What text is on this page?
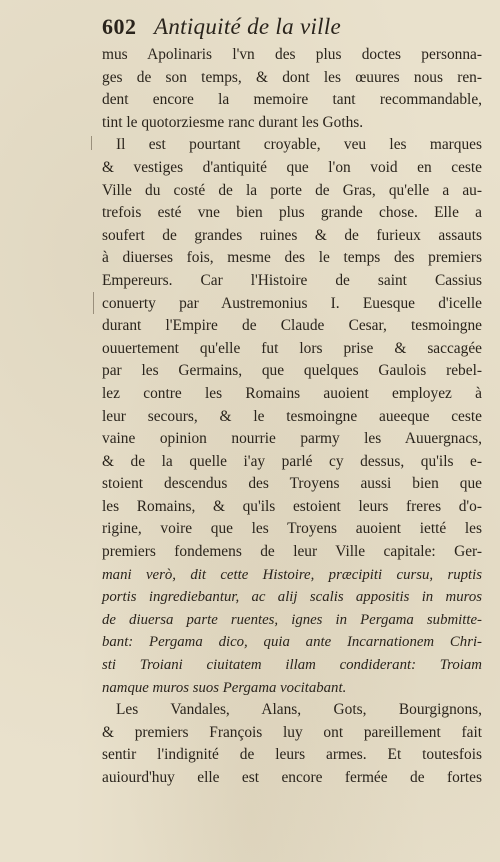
602 Antiquité de la ville
mus Apolinaris l'vn des plus doctes personna-
ges de son temps, & dont les œuures nous ren-
dent encore la memoire tant recommandable,
tint le quotorziesme ranc durant les Goths.
Il est pourtant croyable, veu les marques
& vestiges d'antiquité que l'on void en ceste
Ville du costé de la porte de Gras, qu'elle a au-
trefois esté vne bien plus grande chose. Elle a
soufert de grandes ruines & de furieux assauts
à diuerses fois, mesme des le temps des premiers
Empereurs. Car l'Histoire de saint Cassius
conuerty par Austremonius I. Euesque d'icelle
durant l'Empire de Claude Cesar, tesmoingne
ouuertement qu'elle fut lors prise & saccagée
par les Germains, que quelques Gaulois rebel-
lez contre les Romains auoient employez à
leur secours, & le tesmoingne aueeque ceste
vaine opinion nourrie parmy les Auuergnacs,
& de la quelle i'ay parlé cy dessus, qu'ils e-
stoient descendus des Troyens aussi bien que
les Romains, & qu'ils estoient leurs freres d'o-
rigine, voire que les Troyens auoient ietté les
premiers fondemens de leur Ville capitale: Ger-
mani verò, dit cette Histoire, præcipiti cursu, ruptis
portis ingrediebantur, ac alij scalis appositis in muros
de diuersa parte ruentes, ignes in Pergama submitte-
bant: Pergama dico, quia ante Incarnationem Chri-
sti Troiani ciuitatem illam condiderant: Troiam
namque muros suos Pergama vocitabant.
Les Vandales, Alans, Gots, Bourgignons,
& premiers François luy ont pareillement fait
sentir l'indignité de leurs armes. Et toutesfois
auiourd'huy elle est encore fermée de fortes
